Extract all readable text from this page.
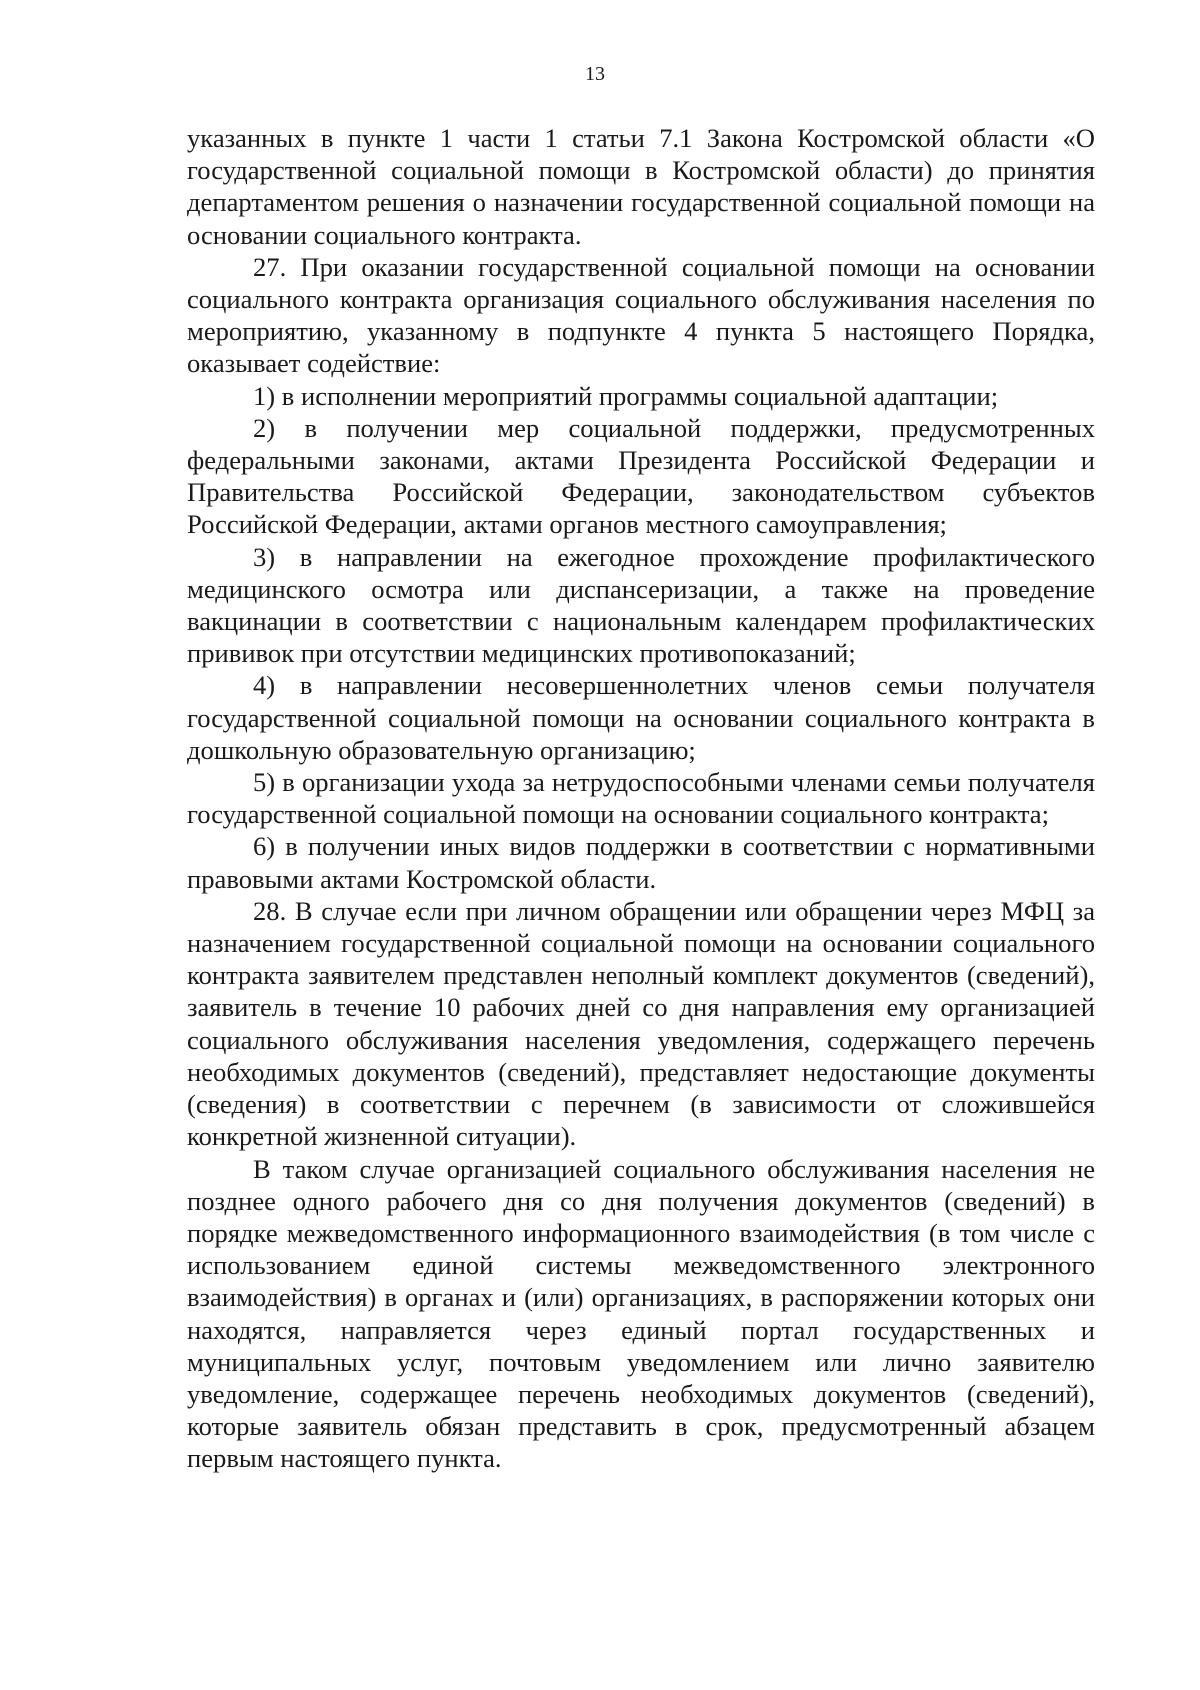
13

указанных в пункте 1 части 1 статьи 7.1 Закона Костромской области «О государственной социальной помощи в Костромской области) до принятия департаментом решения о назначении государственной социальной помощи на основании социального контракта.

27. При оказании государственной социальной помощи на основании социального контракта организация социального обслуживания населения по мероприятию, указанному в подпункте 4 пункта 5 настоящего Порядка, оказывает содействие:

1) в исполнении мероприятий программы социальной адаптации;

2) в получении мер социальной поддержки, предусмотренных федеральными законами, актами Президента Российской Федерации и Правительства Российской Федерации, законодательством субъектов Российской Федерации, актами органов местного самоуправления;

3) в направлении на ежегодное прохождение профилактического медицинского осмотра или диспансеризации, а также на проведение вакцинации в соответствии с национальным календарем профилактических прививок при отсутствии медицинских противопоказаний;

4) в направлении несовершеннолетних членов семьи получателя государственной социальной помощи на основании социального контракта в дошкольную образовательную организацию;

5) в организации ухода за нетрудоспособными членами семьи получателя государственной социальной помощи на основании социального контракта;

6) в получении иных видов поддержки в соответствии с нормативными правовыми актами Костромской области.

28. В случае если при личном обращении или обращении через МФЦ за назначением государственной социальной помощи на основании социального контракта заявителем представлен неполный комплект документов (сведений), заявитель в течение 10 рабочих дней со дня направления ему организацией социального обслуживания населения уведомления, содержащего перечень необходимых документов (сведений), представляет недостающие документы (сведения) в соответствии с перечнем (в зависимости от сложившейся конкретной жизненной ситуации).

В таком случае организацией социального обслуживания населения не позднее одного рабочего дня со дня получения документов (сведений) в порядке межведомственного информационного взаимодействия (в том числе с использованием единой системы межведомственного электронного взаимодействия) в органах и (или) организациях, в распоряжении которых они находятся, направляется через единый портал государственных и муниципальных услуг, почтовым уведомлением или лично заявителю уведомление, содержащее перечень необходимых документов (сведений), которые заявитель обязан представить в срок, предусмотренный абзацем первым настоящего пункта.
